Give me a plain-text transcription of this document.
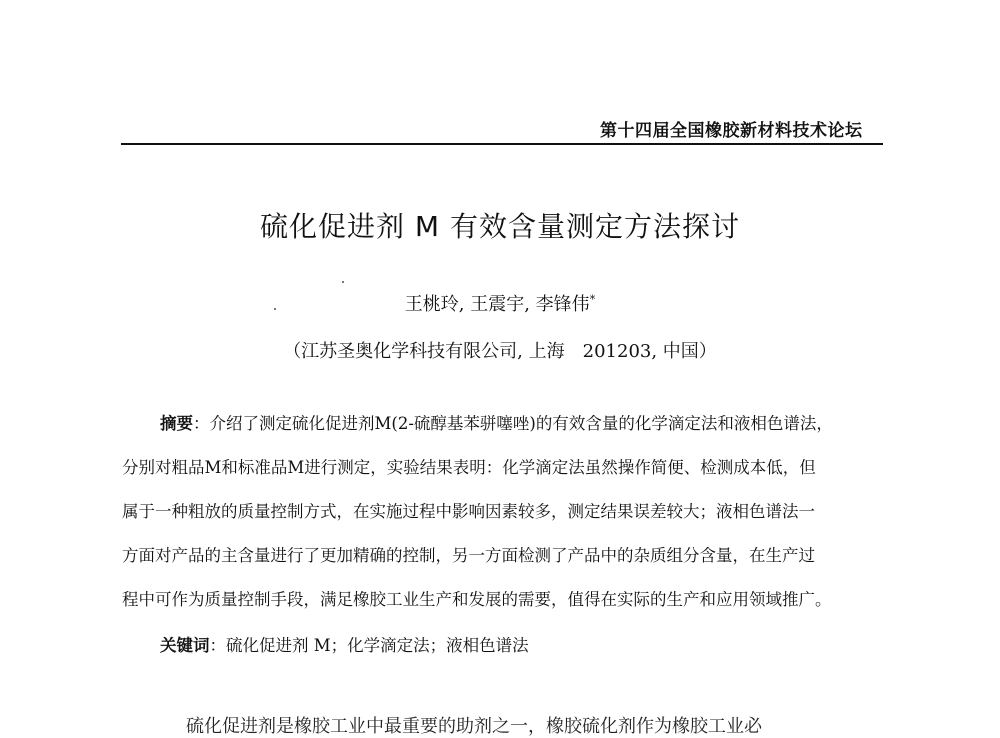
第十四届全国橡胶新材料技术论坛
硫化促进剂 M 有效含量测定方法探讨
王桃玲, 王震宇, 李锋伟*
（江苏圣奥化学科技有限公司, 上海　201203, 中国）
摘要：介绍了测定硫化促进剂M(2-硫醇基苯骈噻唑)的有效含量的化学滴定法和液相色谱法，
分别对粗品M和标准品M进行测定，实验结果表明：化学滴定法虽然操作简便、检测成本低，但
属于一种粗放的质量控制方式，在实施过程中影响因素较多，测定结果误差较大；液相色谱法一
方面对产品的主含量进行了更加精确的控制，另一方面检测了产品中的杂质组分含量，在生产过
程中可作为质量控制手段，满足橡胶工业生产和发展的需要，值得在实际的生产和应用领域推广。
关键词：硫化促进剂 M；化学滴定法；液相色谱法
　　硫化促进剂是橡胶工业中最重要的助剂之一，橡胶硫化剂作为橡胶工业必
